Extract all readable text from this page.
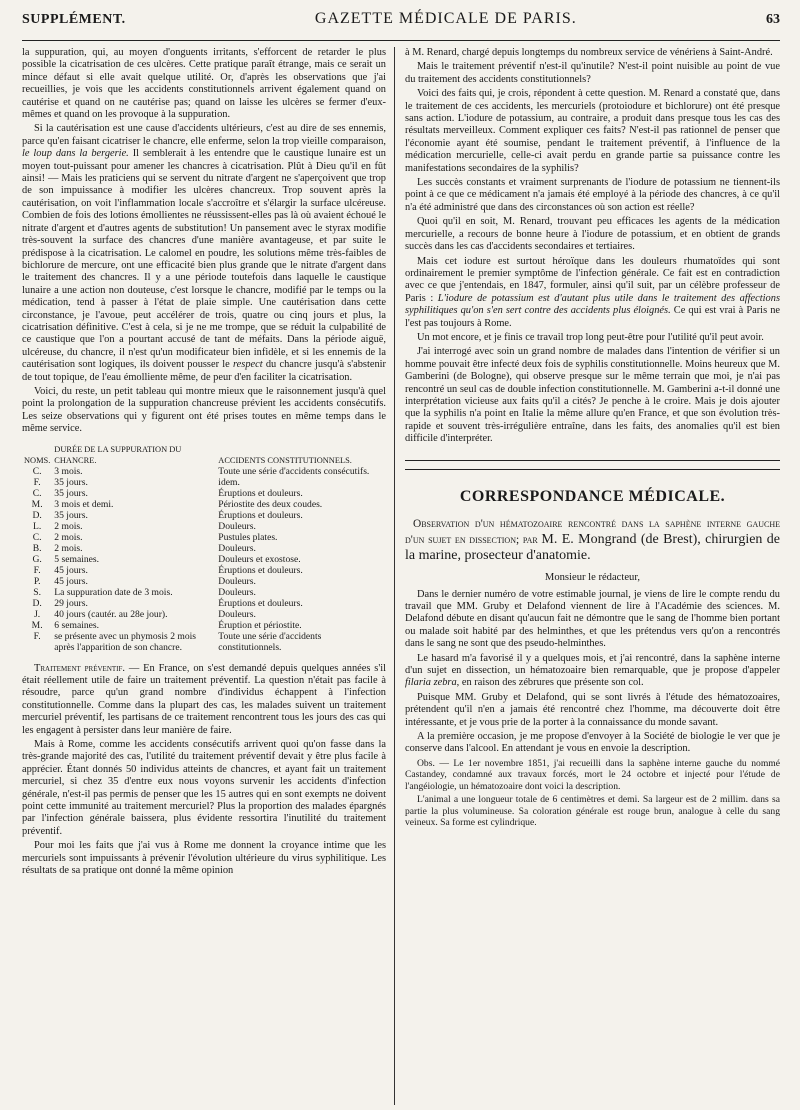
SUPPLÉMENT.	GAZETTE MÉDICALE DE PARIS.	63

la suppuration, qui, au moyen d'onguents irritants, s'efforcent de retarder le plus possible la cicatrisation de ces ulcères. Cette pratique paraît étrange, mais ce serait un mince défaut si elle avait quelque utilité. Or, d'après les observations que j'ai recueillies, je vois que les accidents constitutionnels arrivent également quand on cautérise et quand on ne cautérise pas; quand on laisse les ulcères se fermer d'eux-mêmes et quand on les provoque à la suppuration.

Si la cautérisation est une cause d'accidents ultérieurs, c'est au dire de ses ennemis, parce qu'en faisant cicatriser le chancre, elle enferme, selon la trop vieille comparaison, le loup dans la bergerie. Il semblerait à les entendre que le caustique lunaire est un moyen tout-puissant pour amener les chancres à cicatrisation. Plût à Dieu qu'il en fût ainsi! — Mais les praticiens qui se servent du nitrate d'argent ne s'aperçoivent que trop de son impuissance à modifier les ulcères chancreux. Trop souvent après la cautérisation, on voit l'inflammation locale s'accroître et s'élargir la surface ulcéreuse. Combien de fois des lotions émollientes ne réussissent-elles pas là où avaient échoué le nitrate d'argent et d'autres agents de substitution! Un pansement avec le styrax modifie très-souvent la surface des chancres d'une manière avantageuse, et par suite le prédispose à la cicatrisation. Le calomel en poudre, les solutions même très-faibles de bichlorure de mercure, ont une efficacité bien plus grande que le nitrate d'argent dans le traitement des chancres. Il y a une période toutefois dans laquelle le caustique lunaire a une action non douteuse, c'est lorsque le chancre, modifié par le temps ou la médication, tend à passer à l'état de plaie simple. Une cautérisation dans cette circonstance, je l'avoue, peut accélérer de trois, quatre ou cinq jours et plus, la cicatrisation définitive. C'est à cela, si je ne me trompe, que se réduit la culpabilité de ce caustique que l'on a pourtant accusé de tant de méfaits. Dans la période aiguë, ulcéreuse, du chancre, il n'est qu'un modificateur bien infidèle, et si les ennemis de la cautérisation sont logiques, ils doivent pousser le respect du chancre jusqu'à s'abstenir de tout topique, de l'eau émolliente même, de peur d'en faciliter la cicatrisation.

Voici, du reste, un petit tableau qui montre mieux que le raisonnement jusqu'à quel point la prolongation de la suppuration chancreuse prévient les accidents consécutifs. Les seize observations qui y figurent ont été prises toutes en même temps dans le même service.

NOMS.	DURÉE DE LA SUPPURATION DU CHANCRE.	ACCIDENTS CONSTITUTIONNELS.
C.	3 mois.	Toute une série d'accidents consécutifs.
F.	35 jours.	idem.
C.	35 jours.	Éruptions et douleurs.
M.	3 mois et demi.	Périostite des deux coudes.
D.	35 jours.	Éruptions et douleurs.
L.	2 mois.	Douleurs.
C.	2 mois.	Pustules plates.
B.	2 mois.	Douleurs.
G.	5 semaines.	Douleurs et exostose.
F.	45 jours.	Éruptions et douleurs.
P.	45 jours.	Douleurs.
S.	La suppuration date de 3 mois.	Douleurs.
D.	29 jours.	Éruptions et douleurs.
J.	40 jours (cautér. au 28e jour).	Douleurs.
M.	6 semaines.	Éruption et périostite.
F.	se présente avec un phymosis 2 mois après l'apparition de son chancre.	Toute une série d'accidents constitutionnels.

Traitement préventif. — En France, on s'est demandé depuis quelques années s'il était réellement utile de faire un traitement préventif. La question n'était pas facile à résoudre, parce qu'un grand nombre d'individus échappent à l'infection constitutionnelle. Comme dans la plupart des cas, les malades suivent un traitement mercuriel préventif, les partisans de ce traitement rencontrent tous les jours des cas qui les engagent à persister dans leur manière de faire.

Mais à Rome, comme les accidents consécutifs arrivent quoi qu'on fasse dans la très-grande majorité des cas, l'utilité du traitement préventif devait y être plus facile à apprécier. Étant donnés 50 individus atteints de chancres, et ayant fait un traitement mercuriel, si chez 35 d'entre eux nous voyons survenir les accidents d'infection générale, n'est-il pas permis de penser que les 15 autres qui en sont exempts ne doivent point cette immunité au traitement mercuriel? Plus la proportion des malades épargnés par l'infection générale baissera, plus évidente ressortira l'inutilité du traitement préventif.

Pour moi les faits que j'ai vus à Rome me donnent la croyance intime que les mercuriels sont impuissants à prévenir l'évolution ultérieure du virus syphilitique. Les résultats de sa pratique ont donné la même opinion

à M. Renard, chargé depuis longtemps du nombreux service de vénériens à Saint-André.

Mais le traitement préventif n'est-il qu'inutile? N'est-il point nuisible au point de vue du traitement des accidents constitutionnels?

Voici des faits qui, je crois, répondent à cette question. M. Renard a constaté que, dans le traitement de ces accidents, les mercuriels (protoiodure et bichlorure) ont été presque sans action. L'iodure de potassium, au contraire, a produit dans presque tous les cas des résultats merveilleux. Comment expliquer ces faits? N'est-il pas rationnel de penser que l'économie ayant été soumise, pendant le traitement préventif, à l'influence de la médication mercurielle, celle-ci avait perdu en grande partie sa puissance contre les manifestations secondaires de la syphilis?

Les succès constants et vraiment surprenants de l'iodure de potassium ne tiennent-ils point à ce que ce médicament n'a jamais été employé à la période des chancres, à ce qu'il n'a été administré que dans des circonstances où son action est réelle?

Quoi qu'il en soit, M. Renard, trouvant peu efficaces les agents de la médication mercurielle, a recours de bonne heure à l'iodure de potassium, et en obtient de grands succès dans les cas d'accidents secondaires et tertiaires.

Mais cet iodure est surtout héroïque dans les douleurs rhumatoïdes qui sont ordinairement le premier symptôme de l'infection générale. Ce fait est en contradiction avec ce que j'entendais, en 1847, formuler, ainsi qu'il suit, par un célèbre professeur de Paris : L'iodure de potassium est d'autant plus utile dans le traitement des affections syphilitiques qu'on s'en sert contre des accidents plus éloignés. Ce qui est vrai à Paris ne l'est pas toujours à Rome.

Un mot encore, et je finis ce travail trop long peut-être pour l'utilité qu'il peut avoir.

J'ai interrogé avec soin un grand nombre de malades dans l'intention de vérifier si un homme pouvait être infecté deux fois de syphilis constitutionnelle. Moins heureux que M. Gamberini (de Bologne), qui observe presque sur le même terrain que moi, je n'ai pas rencontré un seul cas de double infection constitutionnelle. M. Gamberini a-t-il donné une interprétation vicieuse aux faits qu'il a cités? Je penche à le croire. Mais je dois ajouter que la syphilis n'a point en Italie la même allure qu'en France, et que son évolution très-rapide et souvent très-irrégulière entraîne, dans les faits, des anomalies qu'il est bien difficile d'interpréter.

CORRESPONDANCE MÉDICALE.
Observation d'un hématozoaire rencontré dans la saphène interne gauche d'un sujet en dissection; par M. E. Mongrand (de Brest), chirurgien de la marine, prosecteur d'anatomie.
Monsieur le rédacteur,

Dans le dernier numéro de votre estimable journal, je viens de lire le compte rendu du travail que MM. Gruby et Delafond viennent de lire à l'Académie des sciences. M. Delafond débute en disant qu'aucun fait ne démontre que le sang de l'homme bien portant ou malade soit habité par des helminthes, et que les prétendus vers qu'on a rencontrés dans le sang ne sont que des pseudo-helminthes.

Le hasard m'a favorisé il y a quelques mois, et j'ai rencontré, dans la saphène interne d'un sujet en dissection, un hématozoaire bien remarquable, que je propose d'appeler filaria zebra, en raison des zébrures que présente son col.

Puisque MM. Gruby et Delafond, qui se sont livrés à l'étude des hématozoaires, prétendent qu'il n'en a jamais été rencontré chez l'homme, ma découverte doit être intéressante, et je vous prie de la porter à la connaissance du monde savant.

A la première occasion, je me propose d'envoyer à la Société de biologie le ver que je conserve dans l'alcool. En attendant je vous en envoie la description.

Obs. — Le 1er novembre 1851, j'ai recueilli dans la saphène interne gauche du nommé Castandey, condamné aux travaux forcés, mort le 24 octobre et injecté pour l'étude de l'angéiologie, un hématozoaire dont voici la description.

L'animal a une longueur totale de 6 centimètres et demi. Sa largeur est de 2 millim. dans sa partie la plus volumineuse. Sa coloration générale est rouge brun, analogue à celle du sang veineux. Sa forme est cylindrique.
